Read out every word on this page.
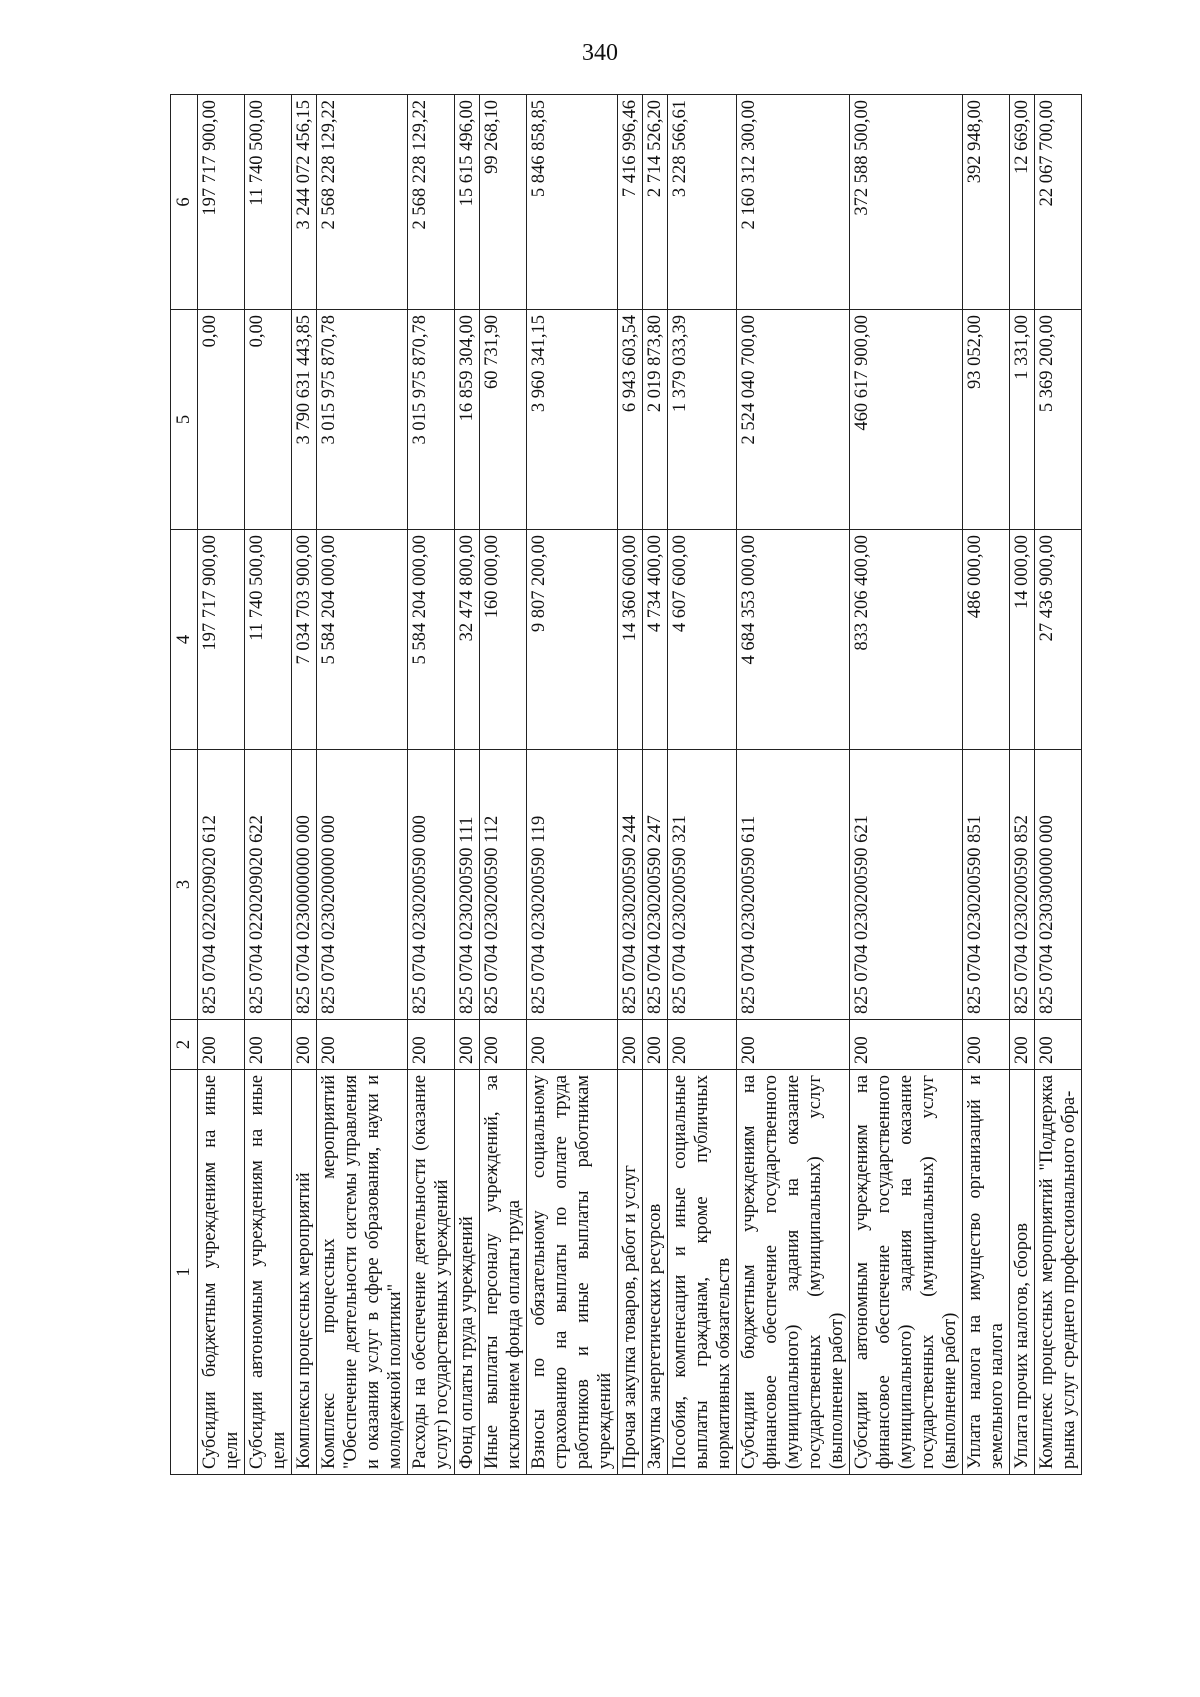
340
1	2	3	4	5	6
Субсидии бюджетным учреждениям на иные цели	200	825 0704 0220209020 612	197 717 900,00	0,00	197 717 900,00
Субсидии автономным учреждениям на иные цели	200	825 0704 0220209020 622	11 740 500,00	0,00	11 740 500,00
Комплексы процессных мероприятий	200	825 0704 0230000000 000	7 034 703 900,00	3 790 631 443,85	3 244 072 456,15
Комплекс процессных мероприятий "Обеспечение деятельности системы управления и оказания услуг в сфере образования, науки и молодежной политики"	200	825 0704 0230200000 000	5 584 204 000,00	3 015 975 870,78	2 568 228 129,22
Расходы на обеспечение деятельности (оказание услуг) государственных учреждений	200	825 0704 0230200590 000	5 584 204 000,00	3 015 975 870,78	2 568 228 129,22
Фонд оплаты труда учреждений	200	825 0704 0230200590 111	32 474 800,00	16 859 304,00	15 615 496,00
Иные выплаты персоналу учреждений, за исключением фонда оплаты труда	200	825 0704 0230200590 112	160 000,00	60 731,90	99 268,10
Взносы по обязательному социальному страхованию на выплаты по оплате труда работников и иные выплаты работникам учреждений	200	825 0704 0230200590 119	9 807 200,00	3 960 341,15	5 846 858,85
Прочая закупка товаров, работ и услуг	200	825 0704 0230200590 244	14 360 600,00	6 943 603,54	7 416 996,46
Закупка энергетических ресурсов	200	825 0704 0230200590 247	4 734 400,00	2 019 873,80	2 714 526,20
Пособия, компенсации и иные социальные выплаты гражданам, кроме публичных нормативных обязательств	200	825 0704 0230200590 321	4 607 600,00	1 379 033,39	3 228 566,61
Субсидии бюджетным учреждениям на финансовое обеспечение государственного (муниципального) задания на оказание государственных (муниципальных) услуг (выполнение работ)	200	825 0704 0230200590 611	4 684 353 000,00	2 524 040 700,00	2 160 312 300,00
Субсидии автономным учреждениям на финансовое обеспечение государственного (муниципального) задания на оказание государственных (муниципальных) услуг (выполнение работ)	200	825 0704 0230200590 621	833 206 400,00	460 617 900,00	372 588 500,00
Уплата налога на имущество организаций и земельного налога	200	825 0704 0230200590 851	486 000,00	93 052,00	392 948,00
Уплата прочих налогов, сборов	200	825 0704 0230200590 852	14 000,00	1 331,00	12 669,00
Комплекс процессных мероприятий "Поддержка рынка услуг среднего профессионального обра-	200	825 0704 0230300000 000	27 436 900,00	5 369 200,00	22 067 700,00
